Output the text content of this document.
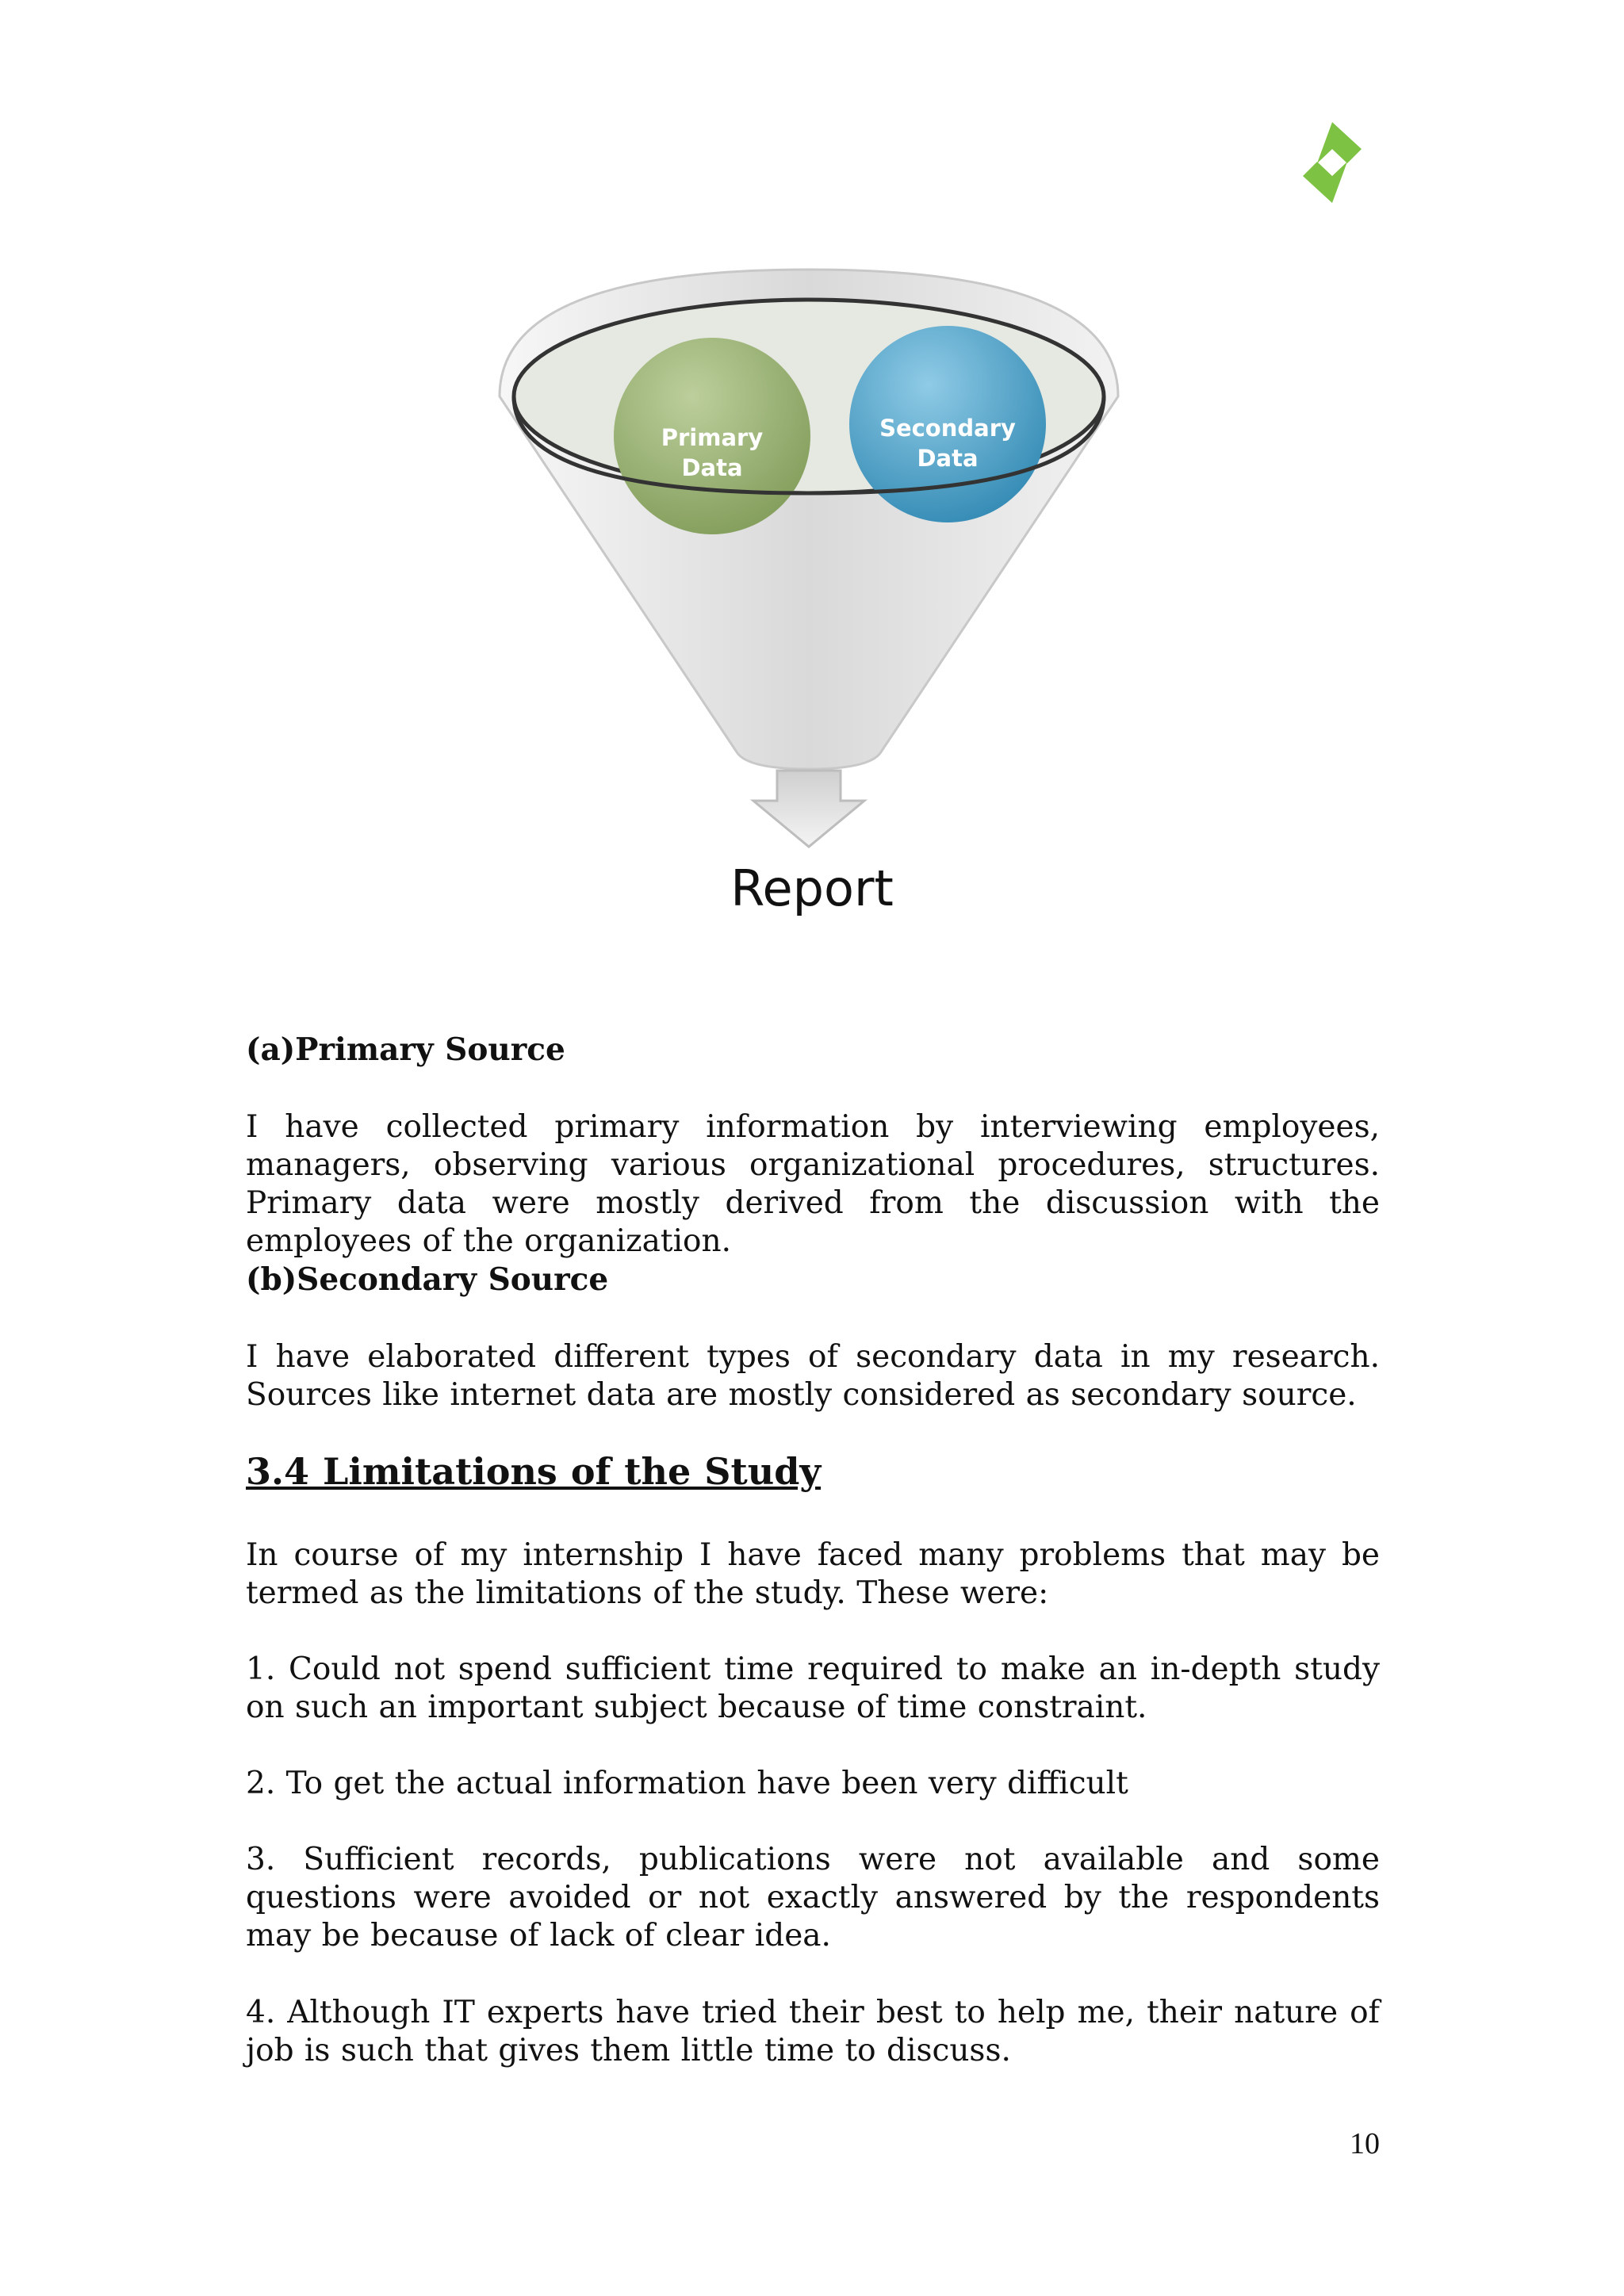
Primary
Data
Secondary
Data
Report
(a)Primary Source
I have collected primary information by interviewing employees, managers, observing various organizational procedures, structures. Primary data were mostly derived from the discussion with the employees of the organization.
(b)Secondary Source
I have elaborated different types of secondary data in my research. Sources like internet data are mostly considered as secondary source.
3.4 Limitations of the Study
In course of my internship I have faced many problems that may be termed as the limitations of the study. These were:
1. Could not spend sufficient time required to make an in-depth study on such an important subject because of time constraint.
2. To get the actual information have been very difficult
3. Sufficient records, publications were not available and some questions were avoided or not exactly answered by the respondents may be because of lack of clear idea.
4. Although IT experts have tried their best to help me, their nature of job is such that gives them little time to discuss.
10
